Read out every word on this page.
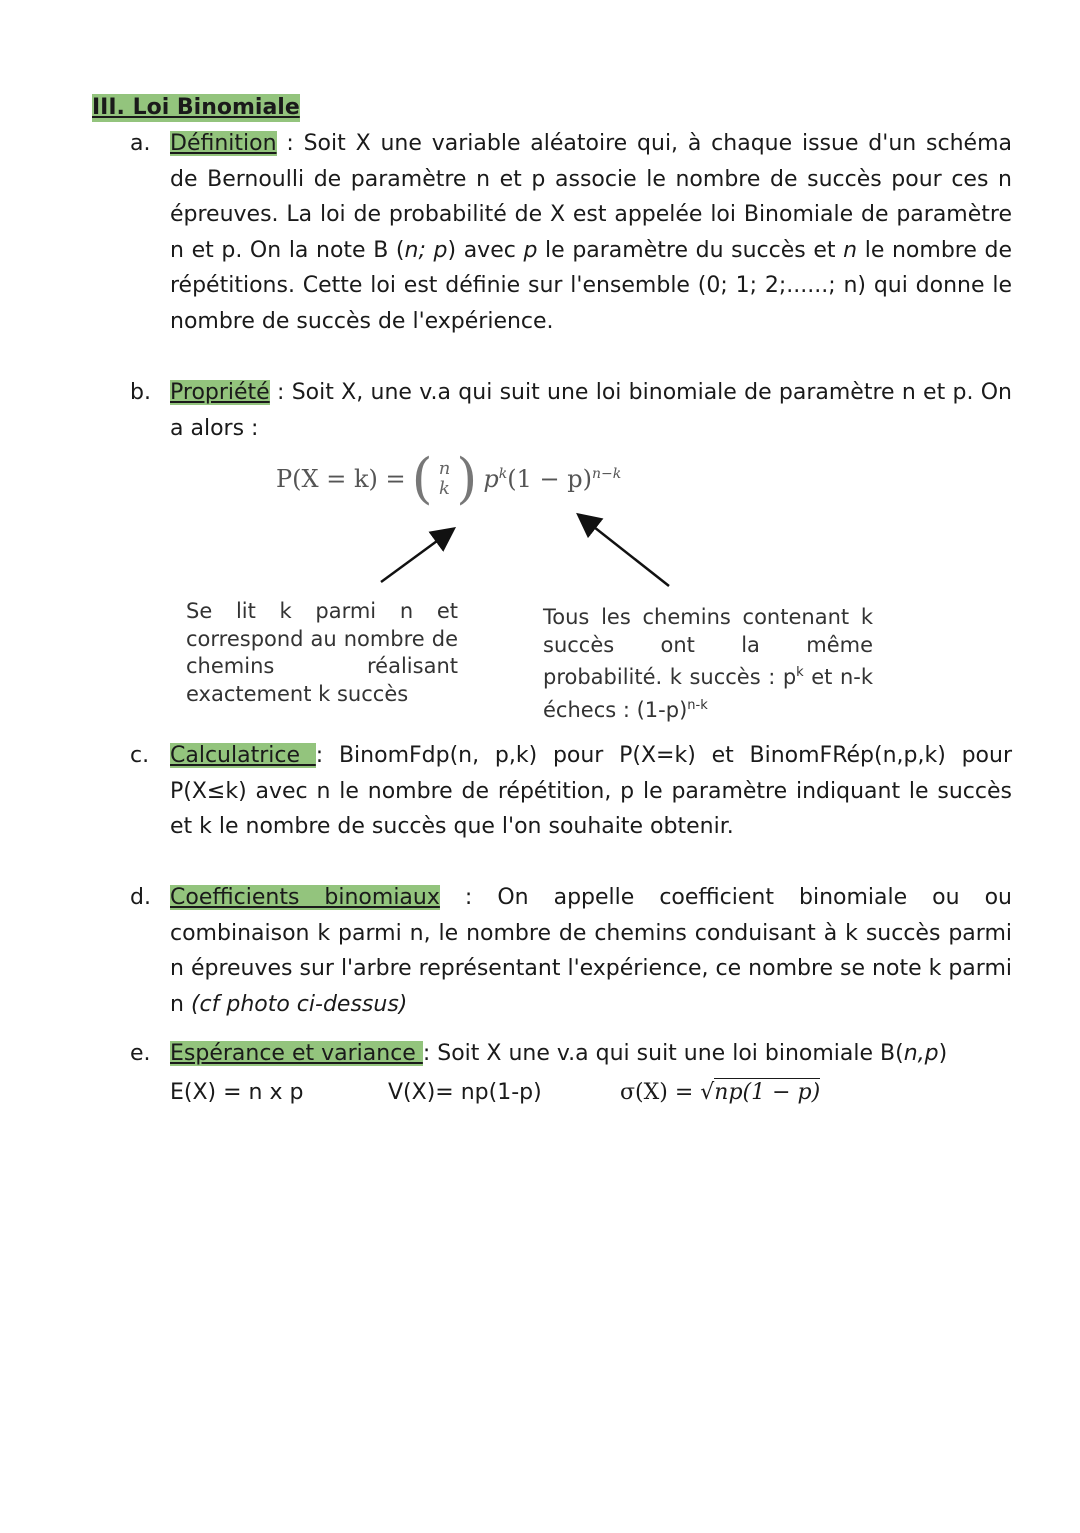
III. Loi Binomiale
a. Définition : Soit X une variable aléatoire qui, à chaque issue d'un schéma de Bernoulli de paramètre n et p associe le nombre de succès pour ces n épreuves. La loi de probabilité de X est appelée loi Binomiale de paramètre n et p. On la note B (n; p) avec p le paramètre du succès et n le nombre de répétitions. Cette loi est définie sur l'ensemble (0; 1; 2;......; n) qui donne le nombre de succès de l'expérience.

b. Propriété : Soit X, une v.a qui suit une loi binomiale de paramètre n et p. On a alors :

P(X = k) = ( n
k ) $p^k(1 - p)^{n-k}$

Se lit k parmi n et correspond au nombre de chemins réalisant exactement k succès

Tous les chemins contenant k succès ont la même probabilité. k succès : $p^k$ et n-k échecs : $(1-p)^{n-k}$

c. Calculatrice : BinomFdp(n, p,k) pour P(X=k) et BinomFRép(n,p,k) pour P(X≤k) avec n le nombre de répétition, p le paramètre indiquant le succès et k le nombre de succès que l'on souhaite obtenir.

d. Coefficients binomiaux : On appelle coefficient binomiale ou ou combinaison k parmi n, le nombre de chemins conduisant à k succès parmi n épreuves sur l'arbre représentant l'expérience, ce nombre se note k parmi n (cf photo ci-dessus)

e. Espérance et variance : Soit X une v.a qui suit une loi binomiale B(n,p)

E(X) = n x p	V(X)= np(1-p)	σ(X) = √np(1 − p)
